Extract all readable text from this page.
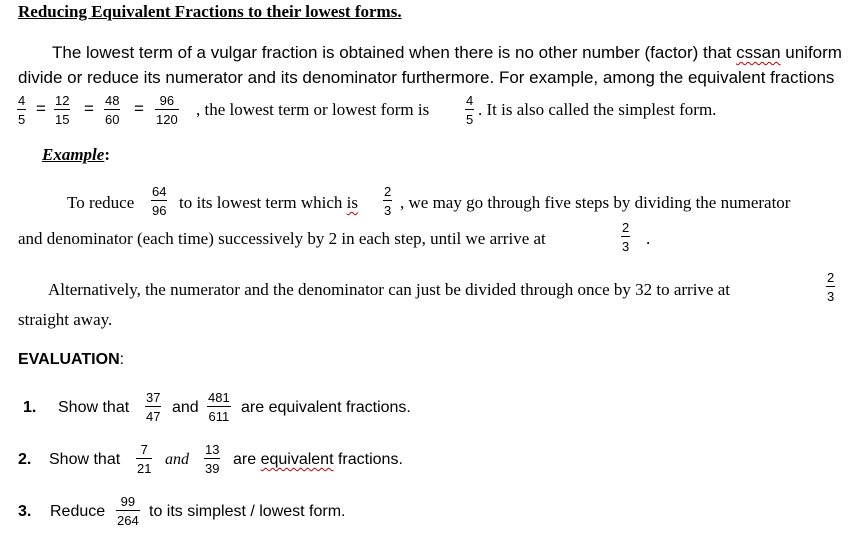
Reducing Equivalent Fractions to their lowest forms.
The lowest term of a vulgar fraction is obtained when there is no other number (factor) that cssan uniform
divide or reduce its numerator and its denominator furthermore. For example, among the equivalent fractions
4
5
= 12
15
= 48
60
= 96
120
, the lowest term or lowest form is	4
5
. It is also called the simplest form.
Example:
To reduce
64
96 to its lowest term which is
2
3 , we may go through five steps by dividing the numerator
and denominator (each time) successively by 2 in each step, until we arrive at
2
3 .
Alternatively, the numerator and the denominator can just be divided through once by 32 to arrive at
2
3
straight away.
EVALUATION:
1. Show that
37
47
and
481
611
are equivalent fractions.
2. Show that
7
21
and
13
39
are equivalent fractions.
3. Reduce
99
264
to its simplest / lowest form.
